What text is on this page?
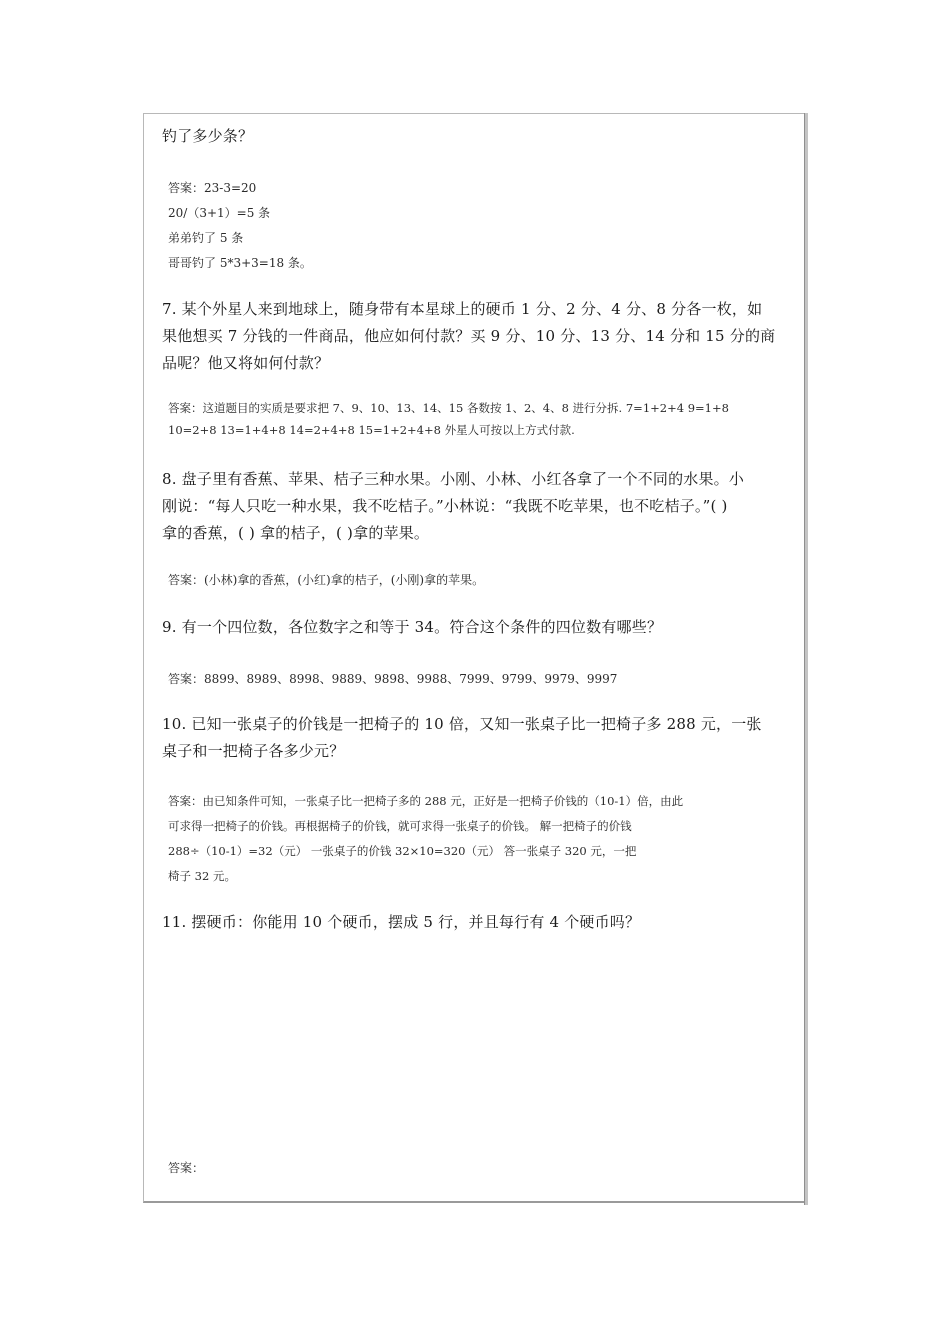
钓了多少条？
答案：23-3=20
20/（3+1）=5 条
弟弟钓了 5 条
哥哥钓了 5*3+3=18 条。
7. 某个外星人来到地球上，随身带有本星球上的硬币 1 分、2 分、4 分、8 分各一枚，如
果他想买 7 分钱的一件商品，他应如何付款？买 9 分、10 分、13 分、14 分和 15 分的商
品呢？他又将如何付款？
答案：这道题目的实质是要求把 7、9、10、13、14、15 各数按 1、2、4、8 进行分拆. 7=1+2+4 9=1+8
10=2+8 13=1+4+8 14=2+4+8 15=1+2+4+8 外星人可按以上方式付款.
8. 盘子里有香蕉、苹果、桔子三种水果。小刚、小林、小红各拿了一个不同的水果。小
刚说：“每人只吃一种水果，我不吃桔子。”小林说：“我既不吃苹果，也不吃桔子。”( )
拿的香蕉，( ) 拿的桔子，( )拿的苹果。
答案：(小林)拿的香蕉，(小红)拿的桔子，(小刚)拿的苹果。
9. 有一个四位数，各位数字之和等于 34。符合这个条件的四位数有哪些？
答案：8899、8989、8998、9889、9898、9988、7999、9799、9979、9997
10. 已知一张桌子的价钱是一把椅子的 10 倍，又知一张桌子比一把椅子多 288 元，一张
桌子和一把椅子各多少元？
答案：由已知条件可知，一张桌子比一把椅子多的 288 元，正好是一把椅子价钱的（10-1）倍，由此
可求得一把椅子的价钱。再根据椅子的价钱，就可求得一张桌子的价钱。 解一把椅子的价钱
288÷（10-1）=32（元） 一张桌子的价钱 32×10=320（元） 答一张桌子 320 元，一把
椅子 32 元。
11. 摆硬币：你能用 10 个硬币，摆成 5 行，并且每行有 4 个硬币吗？
答案：
